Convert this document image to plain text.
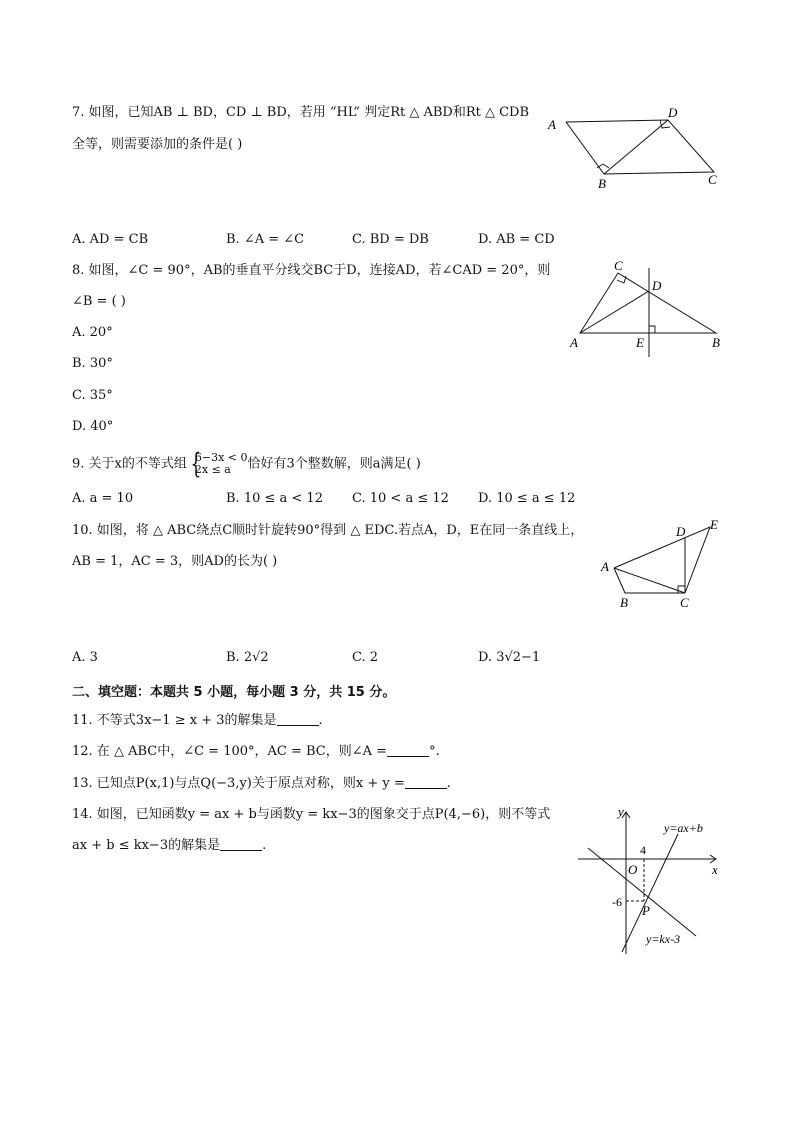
7. 如图，已知AB ⊥ BD，CD ⊥ BD，若用 “HL” 判定Rt △ ABD和Rt △ CDB
全等，则需要添加的条件是( )
A
D
B	C
A. AD = CB	B. ∠A = ∠C	C. BD = DB	D. AB = CD
8. 如图，∠C = 90°，AB的垂直平分线交BC于D，连接AD，若∠CAD = 20°，则
∠B = ( )
C
D
A	E	B
A. 20°
B. 30°
C. 35°
D. 40°
9. 关于x的不等式组 {
6−3x < 0
2x ≤ a	恰好有3个整数解，则a满足( )
A. a = 10	B. 10 ≤ a < 12 C. 10 < a ≤ 12 D. 10 ≤ a ≤ 12
10. 如图，将 △ ABC绕点C顺时针旋转90°得到 △ EDC.若点A，D，E在同一条直线上，
AB = 1，AC = 3，则AD的长为( )	A
B	C
D E
A. 3	B. 2√2	C. 2	D. 3√2−1
二、填空题：本题共 5 小题，每小题 3 分，共 15 分。
11. 不等式3x−1 ≥ x + 3的解集是	.
12. 在 △ ABC中，∠C = 100°，AC = BC，则∠A =	°.
13. 已知点P(x,1)与点Q(−3,y)关于原点对称，则x + y =	.
14. 如图，已知函数y = ax + b与函数y = kx−3的图象交于点P(4,−6)，则不等式
ax + b ≤ kx−3的解集是	.
y
x
O
4
-6
P
y=ax+b
y=kx-3
